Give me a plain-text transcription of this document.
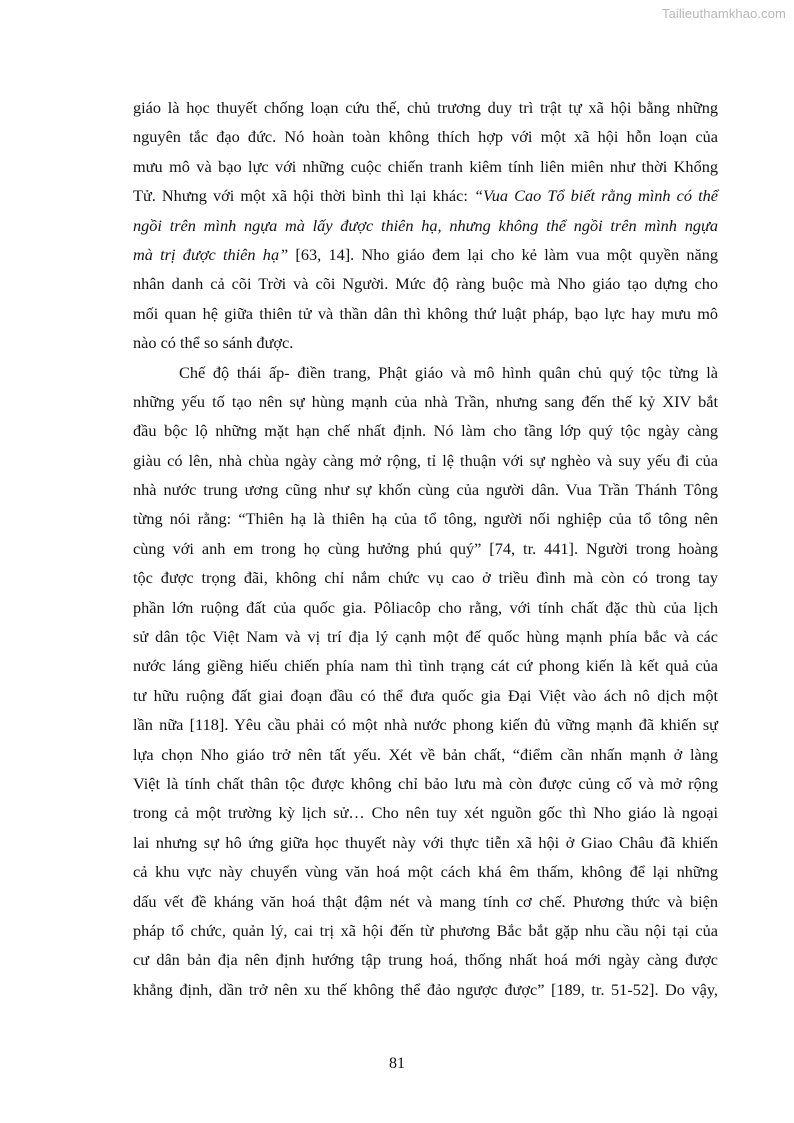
Tailieuthamkhao.com
giáo là học thuyết chống loạn cứu thế, chủ trương duy trì trật tự xã hội bằng những
nguyên tắc đạo đức. Nó hoàn toàn không thích hợp với một xã hội hỗn loạn của
mưu mô và bạo lực với những cuộc chiến tranh kiêm tính liên miên như thời Khổng
Tử. Nhưng với một xã hội thời bình thì lại khác: “Vua Cao Tổ biết rằng mình có thể
ngồi trên mình ngựa mà lấy được thiên hạ, nhưng không thể ngồi trên mình ngựa
mà trị được thiên hạ” [63, 14]. Nho giáo đem lại cho kẻ làm vua một quyền năng
nhân danh cả cõi Trời và cõi Người. Mức độ ràng buộc mà Nho giáo tạo dựng cho
mối quan hệ giữa thiên tử và thần dân thì không thứ luật pháp, bạo lực hay mưu mô
nào có thể so sánh được.
Chế độ thái ấp- điền trang, Phật giáo và mô hình quân chủ quý tộc từng là
những yếu tố tạo nên sự hùng mạnh của nhà Trần, nhưng sang đến thế kỷ XIV bắt
đầu bộc lộ những mặt hạn chế nhất định. Nó làm cho tầng lớp quý tộc ngày càng
giàu có lên, nhà chùa ngày càng mở rộng, tỉ lệ thuận với sự nghèo và suy yếu đi của
nhà nước trung ương cũng như sự khốn cùng của người dân. Vua Trần Thánh Tông
từng nói rằng: “Thiên hạ là thiên hạ của tổ tông, người nối nghiệp của tổ tông nên
cùng với anh em trong họ cùng hưởng phú quý” [74, tr. 441]. Người trong hoàng
tộc được trọng đãi, không chỉ nắm chức vụ cao ở triều đình mà còn có trong tay
phần lớn ruộng đất của quốc gia. Pôliacôp cho rằng, với tính chất đặc thù của lịch
sử dân tộc Việt Nam và vị trí địa lý cạnh một đế quốc hùng mạnh phía bắc và các
nước láng giềng hiếu chiến phía nam thì tình trạng cát cứ phong kiến là kết quả của
tư hữu ruộng đất giai đoạn đầu có thể đưa quốc gia Đại Việt vào ách nô dịch một
lần nữa [118]. Yêu cầu phải có một nhà nước phong kiến đủ vững mạnh đã khiến sự
lựa chọn Nho giáo trở nên tất yếu. Xét về bản chất, “điểm cần nhấn mạnh ở làng
Việt là tính chất thân tộc được không chỉ bảo lưu mà còn được củng cố và mở rộng
trong cả một trường kỳ lịch sử… Cho nên tuy xét nguồn gốc thì Nho giáo là ngoại
lai nhưng sự hô ứng giữa học thuyết này với thực tiễn xã hội ở Giao Châu đã khiến
cả khu vực này chuyển vùng văn hoá một cách khá êm thấm, không để lại những
dấu vết đề kháng văn hoá thật đậm nét và mang tính cơ chế. Phương thức và biện
pháp tổ chức, quản lý, cai trị xã hội đến từ phương Bắc bắt gặp nhu cầu nội tại của
cư dân bản địa nên định hướng tập trung hoá, thống nhất hoá mới ngày càng được
khẳng định, dần trở nên xu thế không thể đảo ngược được” [189, tr. 51-52]. Do vậy,
81
